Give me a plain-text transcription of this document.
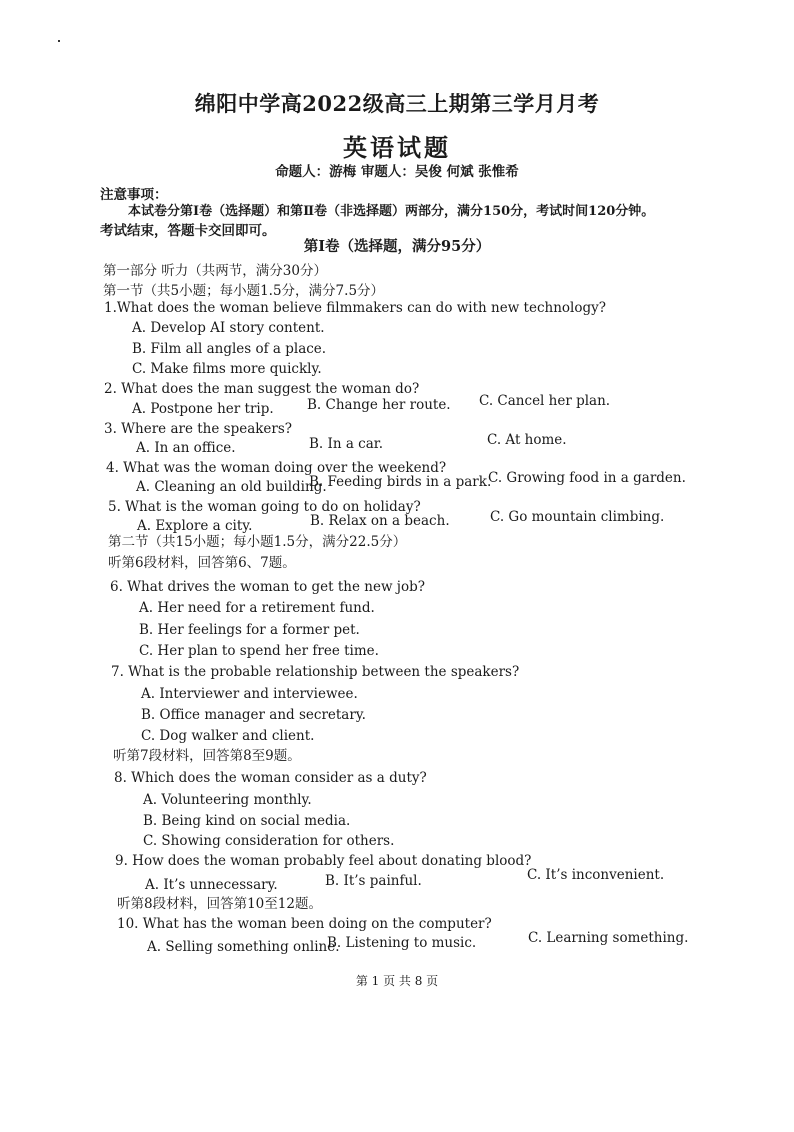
绵阳中学高2022级高三上期第三学月月考
英语试题
命题人：游梅 审题人：吴俊 何斌 张惟希
注意事项：
本试卷分第Ⅰ卷（选择题）和第Ⅱ卷（非选择题）两部分，满分150分，考试时间120分钟。
考试结束，答题卡交回即可。
第Ⅰ卷（选择题，满分95分）
第一部分 听力（共两节，满分30分）
第一节（共5小题；每小题1.5分，满分7.5分）
1.What does the woman believe filmmakers can do with new technology?
A. Develop AI story content.
B. Film all angles of a place.
C. Make films more quickly.
2. What does the man suggest the woman do?
A. Postpone her trip. B. Change her route. C. Cancel her plan.
3. Where are the speakers?
A. In an office.	B. In a car.	C. At home.
4. What was the woman doing over the weekend?
A. Cleaning an old building.
B. Feeding birds in a park.
C. Growing food in a garden.
5. What is the woman going to do on holiday?
A. Explore a city.	B. Relax on a beach.	C. Go mountain climbing.
第二节（共15小题；每小题1.5分，满分22.5分）
听第6段材料，回答第6、7题。
6. What drives the woman to get the new job?
A. Her need for a retirement fund.
B. Her feelings for a former pet.
C. Her plan to spend her free time.
7. What is the probable relationship between the speakers?
A. Interviewer and interviewee.
B. Office manager and secretary.
C. Dog walker and client.
听第7段材料，回答第8至9题。
8. Which does the woman consider as a duty?
A. Volunteering monthly.
B. Being kind on social media.
C. Showing consideration for others.
9. How does the woman probably feel about donating blood?
A. It’s unnecessary.	B. It’s painful.	C. It’s inconvenient.
听第8段材料，回答第10至12题。
10. What has the woman been doing on the computer?
A. Selling something online.
B. Listening to music.	C. Learning something.
第 1 页 共 8 页
